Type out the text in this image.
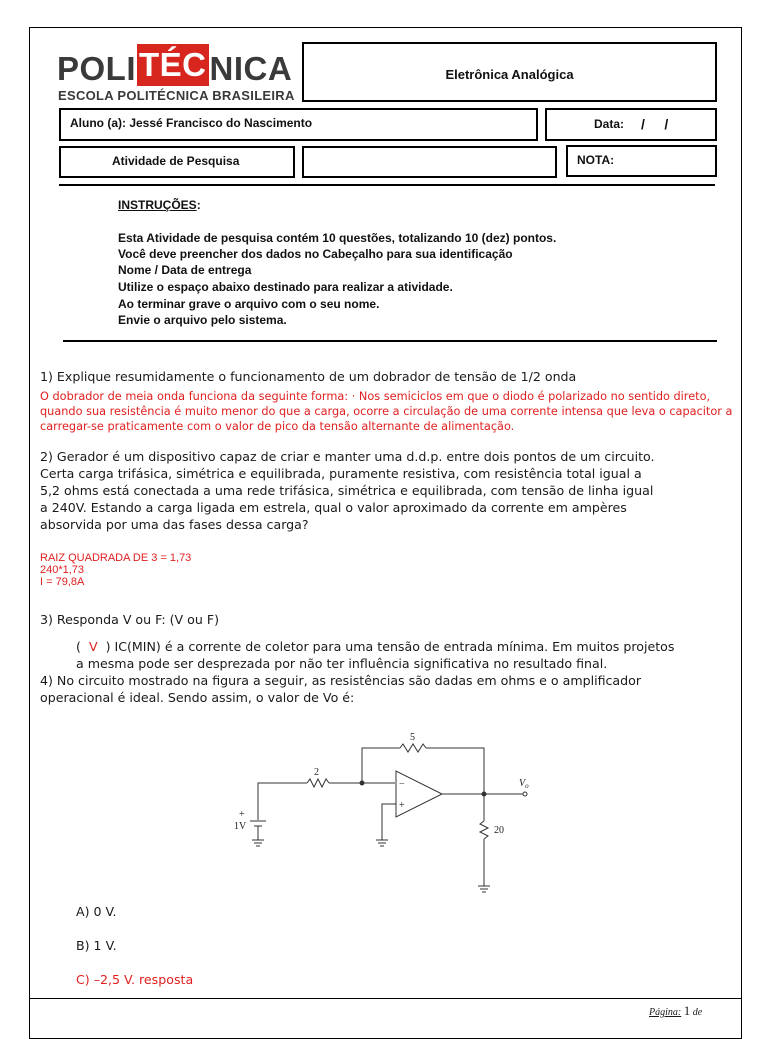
POLITÉCNICA
ESCOLA POLITÉCNICA BRASILEIRA
Eletrônica Analógica
Aluno (a): Jessé Francisco do Nascimento	Data: /     /
Atividade de Pesquisa	NOTA:
INSTRUÇÕES:
Esta Atividade de pesquisa contém 10 questões, totalizando 10 (dez) pontos.
Você deve preencher dos dados no Cabeçalho para sua identificação
Nome / Data de entrega
Utilize o espaço abaixo destinado para realizar a atividade.
Ao terminar grave o arquivo com o seu nome.
Envie o arquivo pelo sistema.
1) Explique resumidamente o funcionamento de um dobrador de tensão de 1/2 onda
O dobrador de meia onda funciona da seguinte forma: · Nos semiciclos em que o diodo é polarizado no sentido direto,
quando sua resistência é muito menor do que a carga, ocorre a circulação de uma corrente intensa que leva o capacitor a
carregar-se praticamente com o valor de pico da tensão alternante de alimentação.
2) Gerador é um dispositivo capaz de criar e manter uma d.d.p. entre dois pontos de um circuito.
Certa carga trifásica, simétrica e equilibrada, puramente resistiva, com resistência total igual a
5,2 ohms está conectada a uma rede trifásica, simétrica e equilibrada, com tensão de linha igual
a 240V. Estando a carga ligada em estrela, qual o valor aproximado da corrente em ampères
absorvida por uma das fases dessa carga?
RAIZ QUADRADA DE 3 = 1,73
240*1,73
I = 79,8A
3) Responda V ou F: (V ou F)
( V ) IC(MIN) é a corrente de coletor para uma tensão de entrada mínima. Em muitos projetos
a mesma pode ser desprezada por não ter influência significativa no resultado final.
4) No circuito mostrado na figura a seguir, as resistências são dadas em ohms e o amplificador
operacional é ideal. Sendo assim, o valor de Vo é:
5
2
20
1V
+
−
+
$V_o$
A) 0 V.
B) 1 V.
C) –2,5 V. resposta
Página: 1 de
